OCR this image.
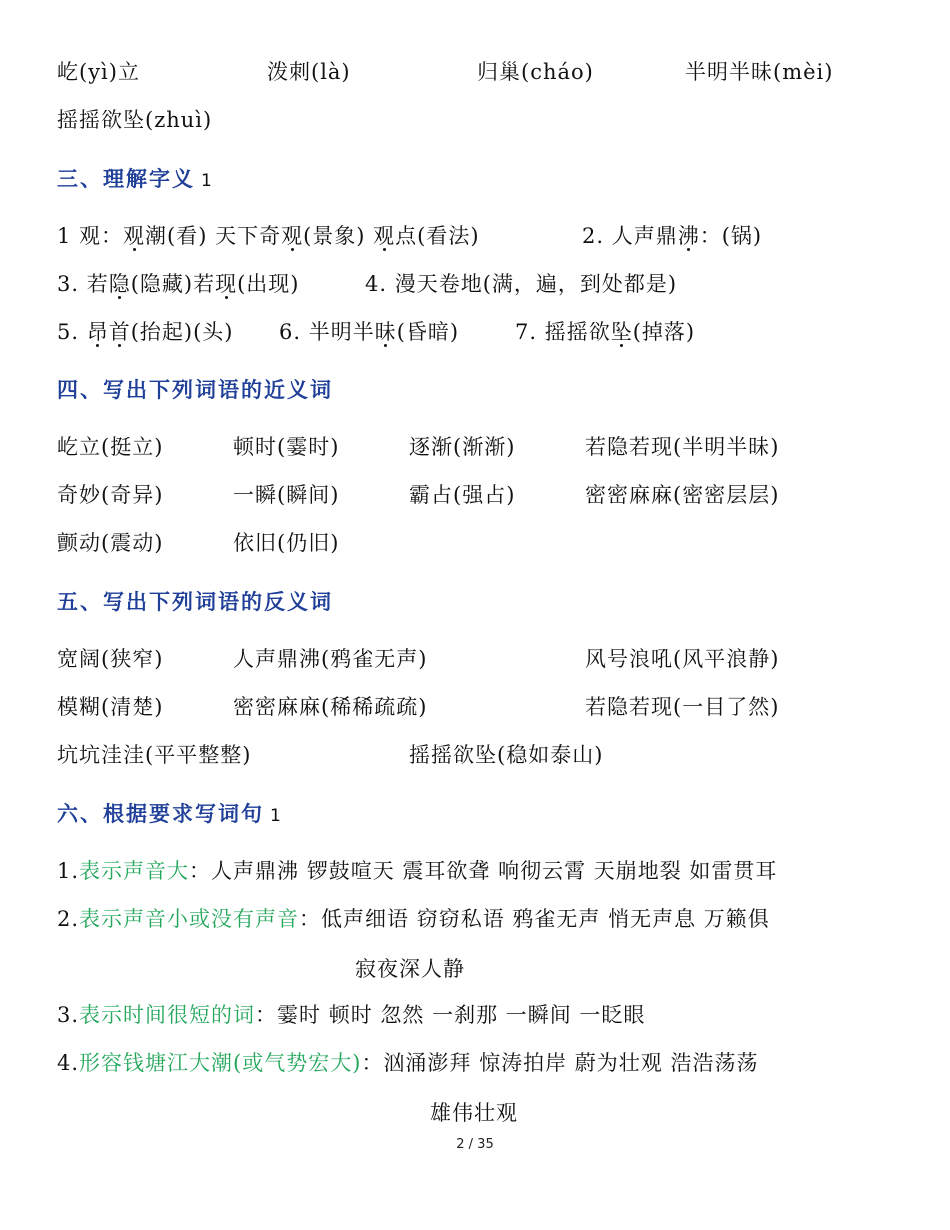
屹(yì)立	泼刺(là)	归巢(cháo)	半明半昧(mèi)
摇摇欲坠(zhuì)
三、理解字义 1
1 观：观潮(看) 天下奇观(景象) 观点(看法)	2. 人声鼎沸：(锅)
3. 若隐(隐藏)若现(出现)	4. 漫天卷地(满，遍，到处都是)
5. 昂首(抬起)(头) 6. 半明半昧(昏暗)	7. 摇摇欲坠(掉落)
四、写出下列词语的近义词
屹立(挺立)	顿时(霎时)	逐渐(渐渐)	若隐若现(半明半昧)
奇妙(奇异)	一瞬(瞬间)	霸占(强占)	密密麻麻(密密层层)
颤动(震动)	依旧(仍旧)
五、写出下列词语的反义词
宽阔(狭窄)	人声鼎沸(鸦雀无声)	风号浪吼(风平浪静)
模糊(清楚)	密密麻麻(稀稀疏疏)	若隐若现(一目了然)
坑坑洼洼(平平整整)	摇摇欲坠(稳如泰山)
六、根据要求写词句 1
1.表示声音大：人声鼎沸 锣鼓喧天 震耳欲聋 响彻云霄 天崩地裂 如雷贯耳
2.表示声音小或没有声音：低声细语 窃窃私语 鸦雀无声 悄无声息 万籁俱
寂夜深人静
3.表示时间很短的词：霎时 顿时 忽然 一刹那 一瞬间 一眨眼
4.形容钱塘江大潮(或气势宏大)：汹涌澎拜 惊涛拍岸 蔚为壮观 浩浩荡荡
雄伟壮观
2 / 35
